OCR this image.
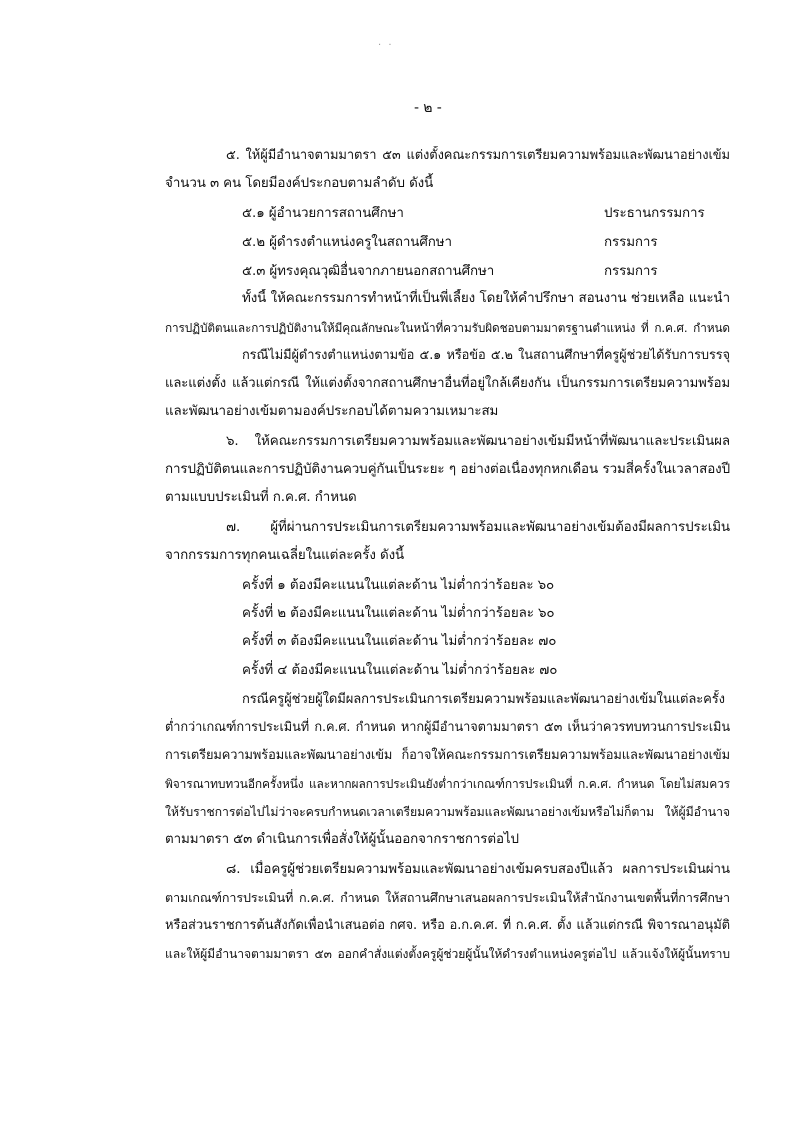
· ·
- ๒ -
๕. ให้ผู้มีอำนาจตามมาตรา ๕๓ แต่งตั้งคณะกรรมการเตรียมความพร้อมและพัฒนาอย่างเข้ม
จำนวน ๓ คน โดยมีองค์ประกอบตามลำดับ ดังนี้
๕.๑ ผู้อำนวยการสถานศึกษา	ประธานกรรมการ
๕.๒ ผู้ดำรงตำแหน่งครูในสถานศึกษา	กรรมการ
๕.๓ ผู้ทรงคุณวุฒิอื่นจากภายนอกสถานศึกษา	กรรมการ
ทั้งนี้ ให้คณะกรรมการทำหน้าที่เป็นพี่เลี้ยง โดยให้คำปรึกษา สอนงาน ช่วยเหลือ แนะนำ
การปฏิบัติตนและการปฏิบัติงานให้มีคุณลักษณะในหน้าที่ความรับผิดชอบตามมาตรฐานตำแหน่ง ที่ ก.ค.ศ. กำหนด
กรณีไม่มีผู้ดำรงตำแหน่งตามข้อ ๕.๑ หรือข้อ ๕.๒ ในสถานศึกษาที่ครูผู้ช่วยได้รับการบรรจุ
และแต่งตั้ง แล้วแต่กรณี ให้แต่งตั้งจากสถานศึกษาอื่นที่อยู่ใกล้เคียงกัน เป็นกรรมการเตรียมความพร้อม
และพัฒนาอย่างเข้มตามองค์ประกอบได้ตามความเหมาะสม
๖. ให้คณะกรรมการเตรียมความพร้อมและพัฒนาอย่างเข้มมีหน้าที่พัฒนาและประเมินผล
การปฏิบัติตนและการปฏิบัติงานควบคู่กันเป็นระยะ ๆ อย่างต่อเนื่องทุกหกเดือน รวมสี่ครั้งในเวลาสองปี
ตามแบบประเมินที่ ก.ค.ศ. กำหนด
๗. ผู้ที่ผ่านการประเมินการเตรียมความพร้อมและพัฒนาอย่างเข้มต้องมีผลการประเมิน
จากกรรมการทุกคนเฉลี่ยในแต่ละครั้ง ดังนี้
ครั้งที่ ๑ ต้องมีคะแนนในแต่ละด้าน ไม่ต่ำกว่าร้อยละ ๖๐
ครั้งที่ ๒ ต้องมีคะแนนในแต่ละด้าน ไม่ต่ำกว่าร้อยละ ๖๐
ครั้งที่ ๓ ต้องมีคะแนนในแต่ละด้าน ไม่ต่ำกว่าร้อยละ ๗๐
ครั้งที่ ๔ ต้องมีคะแนนในแต่ละด้าน ไม่ต่ำกว่าร้อยละ ๗๐
กรณีครูผู้ช่วยผู้ใดมีผลการประเมินการเตรียมความพร้อมและพัฒนาอย่างเข้มในแต่ละครั้ง
ต่ำกว่าเกณฑ์การประเมินที่ ก.ค.ศ. กำหนด หากผู้มีอำนาจตามมาตรา ๕๓ เห็นว่าควรทบทวนการประเมิน
การเตรียมความพร้อมและพัฒนาอย่างเข้ม ก็อาจให้คณะกรรมการเตรียมความพร้อมและพัฒนาอย่างเข้ม
พิจารณาทบทวนอีกครั้งหนึ่ง และหากผลการประเมินยังต่ำกว่าเกณฑ์การประเมินที่ ก.ค.ศ. กำหนด โดยไม่สมควร
ให้รับราชการต่อไปไม่ว่าจะครบกำหนดเวลาเตรียมความพร้อมและพัฒนาอย่างเข้มหรือไม่ก็ตาม ให้ผู้มีอำนาจ
ตามมาตรา ๕๓ ดำเนินการเพื่อสั่งให้ผู้นั้นออกจากราชการต่อไป
๘. เมื่อครูผู้ช่วยเตรียมความพร้อมและพัฒนาอย่างเข้มครบสองปีแล้ว ผลการประเมินผ่าน
ตามเกณฑ์การประเมินที่ ก.ค.ศ. กำหนด ให้สถานศึกษาเสนอผลการประเมินให้สำนักงานเขตพื้นที่การศึกษา
หรือส่วนราชการต้นสังกัดเพื่อนำเสนอต่อ กศจ. หรือ อ.ก.ค.ศ. ที่ ก.ค.ศ. ตั้ง แล้วแต่กรณี พิจารณาอนุมัติ
และให้ผู้มีอำนาจตามมาตรา ๕๓ ออกคำสั่งแต่งตั้งครูผู้ช่วยผู้นั้นให้ดำรงตำแหน่งครูต่อไป แล้วแจ้งให้ผู้นั้นทราบ
